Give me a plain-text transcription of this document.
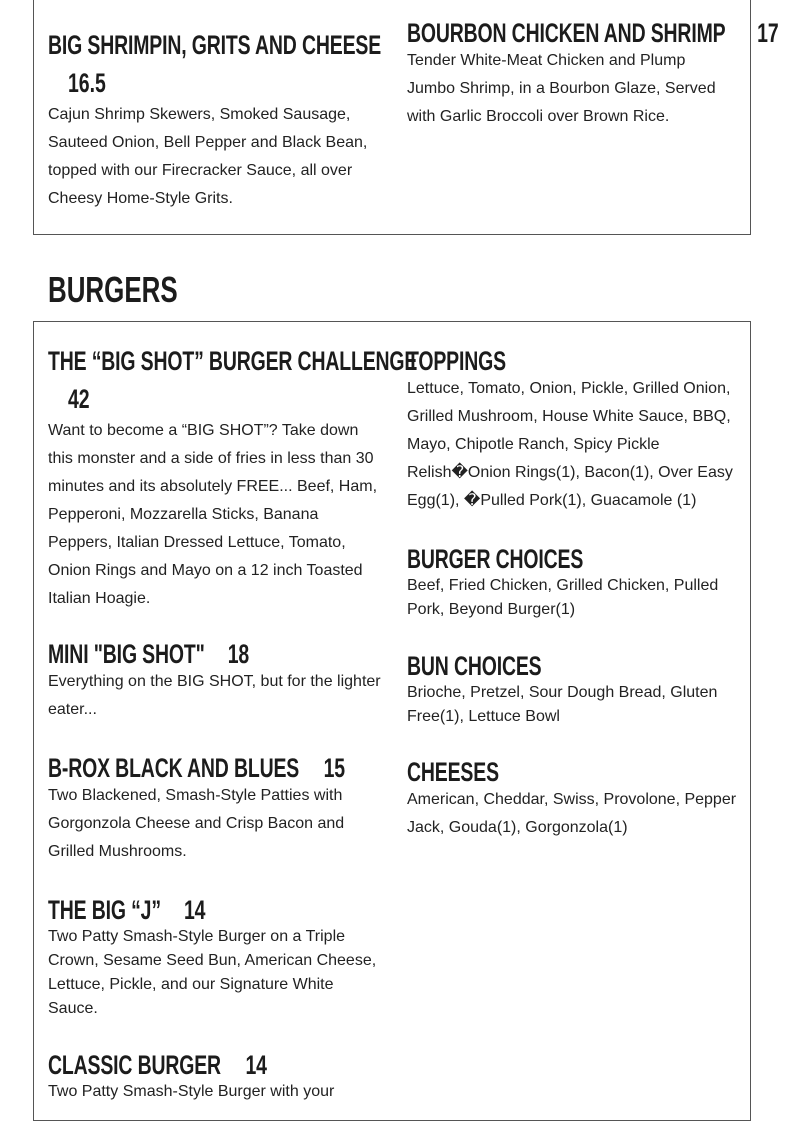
BIG SHRIMPIN, GRITS AND CHEESE
16.5
Cajun Shrimp Skewers, Smoked Sausage, Sauteed Onion, Bell Pepper and Black Bean, topped with our Firecracker Sauce, all over Cheesy Home-Style Grits.
BOURBON CHICKEN AND SHRIMP 17
Tender White-Meat Chicken and Plump Jumbo Shrimp, in a Bourbon Glaze, Served with Garlic Broccoli over Brown Rice.
BURGERS
THE “BIG SHOT” BURGER CHALLENGE
42
Want to become a “BIG SHOT”? Take down this monster and a side of fries in less than 30 minutes and its absolutely FREE... Beef, Ham, Pepperoni, Mozzarella Sticks, Banana Peppers, Italian Dressed Lettuce, Tomato, Onion Rings and Mayo on a 12 inch Toasted Italian Hoagie.
MINI "BIG SHOT" 18
Everything on the BIG SHOT, but for the lighter eater...
B-ROX BLACK AND BLUES 15
Two Blackened, Smash-Style Patties with Gorgonzola Cheese and Crisp Bacon and Grilled Mushrooms.
THE BIG “J” 14
Two Patty Smash-Style Burger on a Triple Crown, Sesame Seed Bun, American Cheese, Lettuce, Pickle, and our Signature White Sauce.
CLASSIC BURGER 14
Two Patty Smash-Style Burger with your
TOPPINGS
Lettuce, Tomato, Onion, Pickle, Grilled Onion, Grilled Mushroom, House White Sauce, BBQ, Mayo, Chipotle Ranch, Spicy Pickle Relish�Onion Rings(1), Bacon(1), Over Easy Egg(1), �Pulled Pork(1), Guacamole (1)
BURGER CHOICES
Beef, Fried Chicken, Grilled Chicken, Pulled Pork, Beyond Burger(1)
BUN CHOICES
Brioche, Pretzel, Sour Dough Bread, Gluten Free(1), Lettuce Bowl
CHEESES
American, Cheddar, Swiss, Provolone, Pepper Jack, Gouda(1), Gorgonzola(1)
